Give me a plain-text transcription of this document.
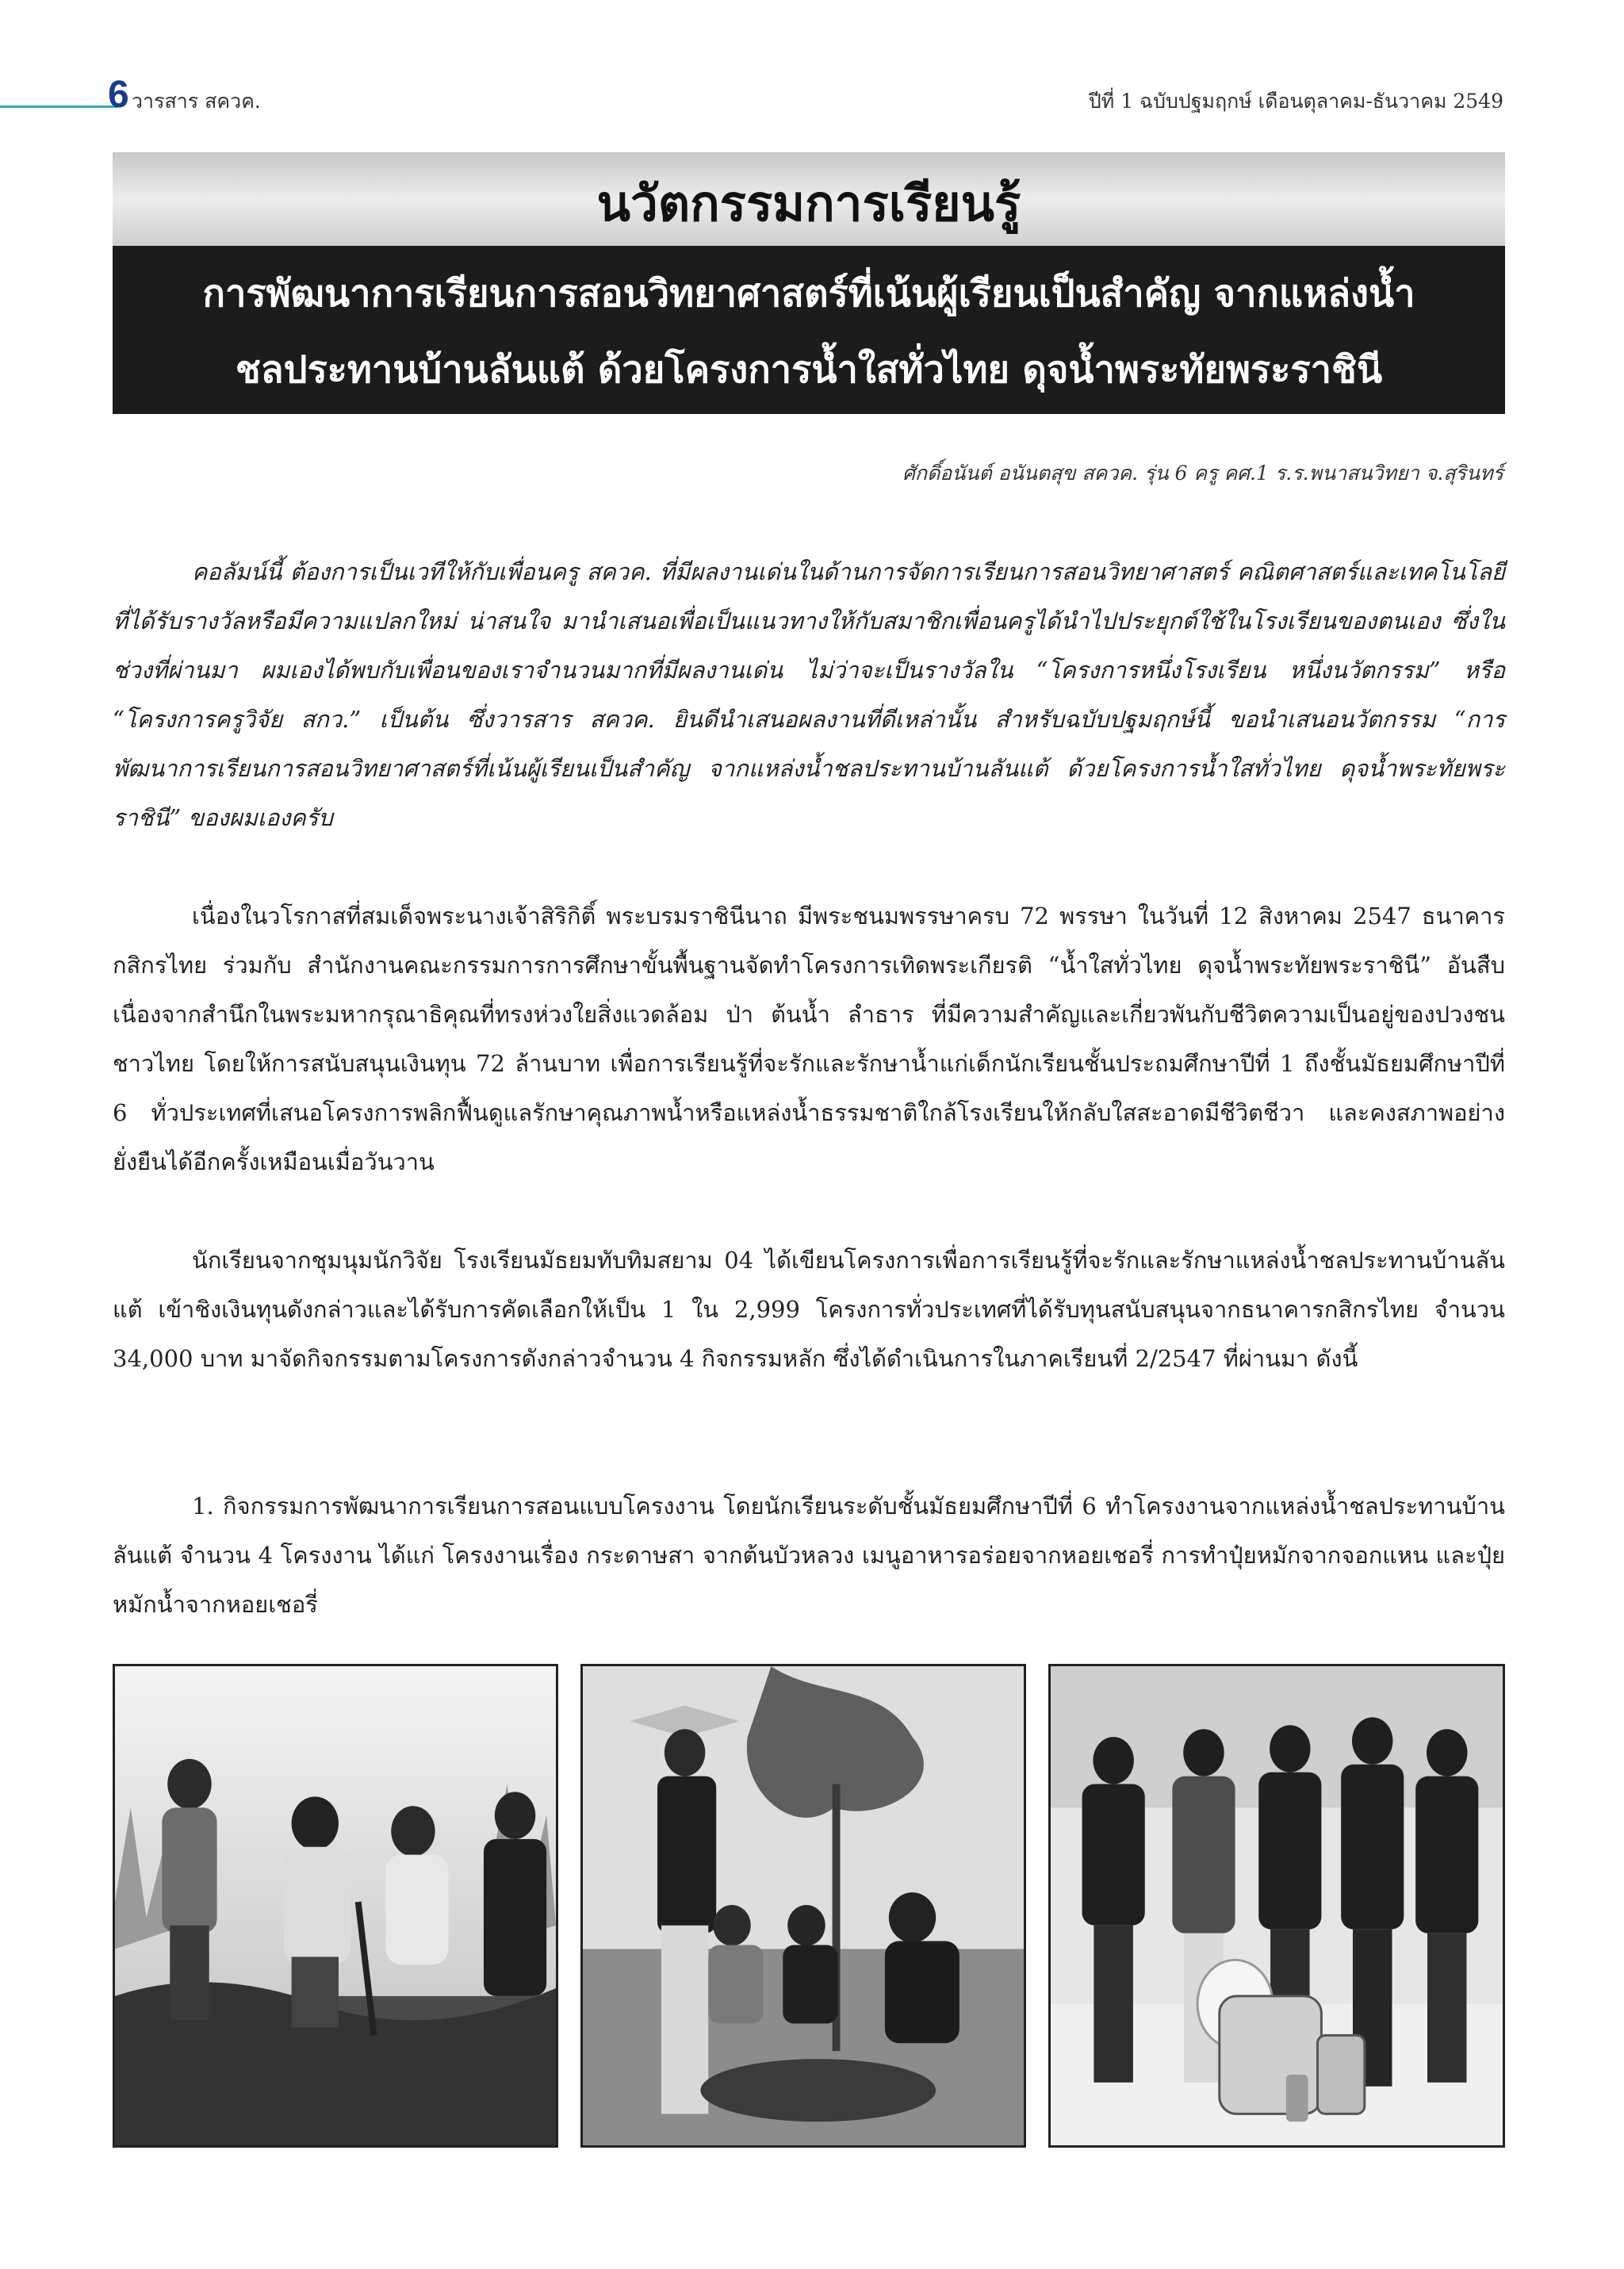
6 วารสาร สควค.	ปีที่ 1 ฉบับปฐมฤกษ์ เดือนตุลาคม-ธันวาคม 2549
นวัตกรรมการเรียนรู้
การพัฒนาการเรียนการสอนวิทยาศาสตร์ที่เน้นผู้เรียนเป็นสำคัญ จากแหล่งน้ำ
ชลประทานบ้านลันแต้ ด้วยโครงการน้ำใสทั่วไทย ดุจน้ำพระทัยพระราชินี
ศักดิ์อนันต์ อนันตสุข สควค. รุ่น 6 ครู คศ.1 ร.ร.พนาสนวิทยา จ.สุรินทร์
คอลัมน์นี้ ต้องการเป็นเวทีให้กับเพื่อนครู สควค. ที่มีผลงานเด่นในด้านการจัดการเรียนการสอนวิทยาศาสตร์ คณิตศาสตร์และเทคโนโลยี ที่ได้รับรางวัลหรือมีความแปลกใหม่ น่าสนใจ มานำเสนอเพื่อเป็นแนวทางให้กับสมาชิกเพื่อนครูได้นำไปประยุกต์ใช้ในโรงเรียนของตนเอง ซึ่งในช่วงที่ผ่านมา ผมเองได้พบกับเพื่อนของเราจำนวนมากที่มีผลงานเด่น ไม่ว่าจะเป็นรางวัลใน “โครงการหนึ่งโรงเรียน หนึ่งนวัตกรรม” หรือ “โครงการครูวิจัย สกว.” เป็นต้น ซึ่งวารสาร สควค. ยินดีนำเสนอผลงานที่ดีเหล่านั้น สำหรับฉบับปฐมฤกษ์นี้ ขอนำเสนอนวัตกรรม “การพัฒนาการเรียนการสอนวิทยาศาสตร์ที่เน้นผู้เรียนเป็นสำคัญ จากแหล่งน้ำชลประทานบ้านลันแต้ ด้วยโครงการน้ำใสทั่วไทย ดุจน้ำพระทัยพระราชินี” ของผมเองครับ
เนื่องในวโรกาสที่สมเด็จพระนางเจ้าสิริกิติ์ พระบรมราชินีนาถ มีพระชนมพรรษาครบ 72 พรรษา ในวันที่ 12 สิงหาคม 2547 ธนาคารกสิกรไทย ร่วมกับ สำนักงานคณะกรรมการการศึกษาขั้นพื้นฐานจัดทำโครงการเทิดพระเกียรติ “น้ำใสทั่วไทย ดุจน้ำพระทัยพระราชินี” อันสืบเนื่องจากสำนึกในพระมหากรุณาธิคุณที่ทรงห่วงใยสิ่งแวดล้อม ป่า ต้นน้ำ ลำธาร ที่มีความสำคัญและเกี่ยวพันกับชีวิตความเป็นอยู่ของปวงชนชาวไทย โดยให้การสนับสนุนเงินทุน 72 ล้านบาท เพื่อการเรียนรู้ที่จะรักและรักษาน้ำแก่เด็กนักเรียนชั้นประถมศึกษาปีที่ 1 ถึงชั้นมัธยมศึกษาปีที่ 6 ทั่วประเทศที่เสนอโครงการพลิกฟื้นดูแลรักษาคุณภาพน้ำหรือแหล่งน้ำธรรมชาติใกล้โรงเรียนให้กลับใสสะอาดมีชีวิตชีวา และคงสภาพอย่างยั่งยืนได้อีกครั้งเหมือนเมื่อวันวาน
นักเรียนจากชุมนุมนักวิจัย โรงเรียนมัธยมทับทิมสยาม 04 ได้เขียนโครงการเพื่อการเรียนรู้ที่จะรักและรักษาแหล่งน้ำชลประทานบ้านลันแต้ เข้าชิงเงินทุนดังกล่าวและได้รับการคัดเลือกให้เป็น 1 ใน 2,999 โครงการทั่วประเทศที่ได้รับทุนสนับสนุนจากธนาคารกสิกรไทย จำนวน 34,000 บาท มาจัดกิจกรรมตามโครงการดังกล่าวจำนวน 4 กิจกรรมหลัก ซึ่งได้ดำเนินการในภาคเรียนที่ 2/2547 ที่ผ่านมา ดังนี้
1. กิจกรรมการพัฒนาการเรียนการสอนแบบโครงงาน โดยนักเรียนระดับชั้นมัธยมศึกษาปีที่ 6 ทำโครงงานจากแหล่งน้ำชลประทานบ้านลันแต้ จำนวน 4 โครงงาน ได้แก่ โครงงานเรื่อง กระดาษสา จากต้นบัวหลวง เมนูอาหารอร่อยจากหอยเชอรี่ การทำปุ๋ยหมักจากจอกแหน และปุ๋ยหมักน้ำจากหอยเชอรี่
